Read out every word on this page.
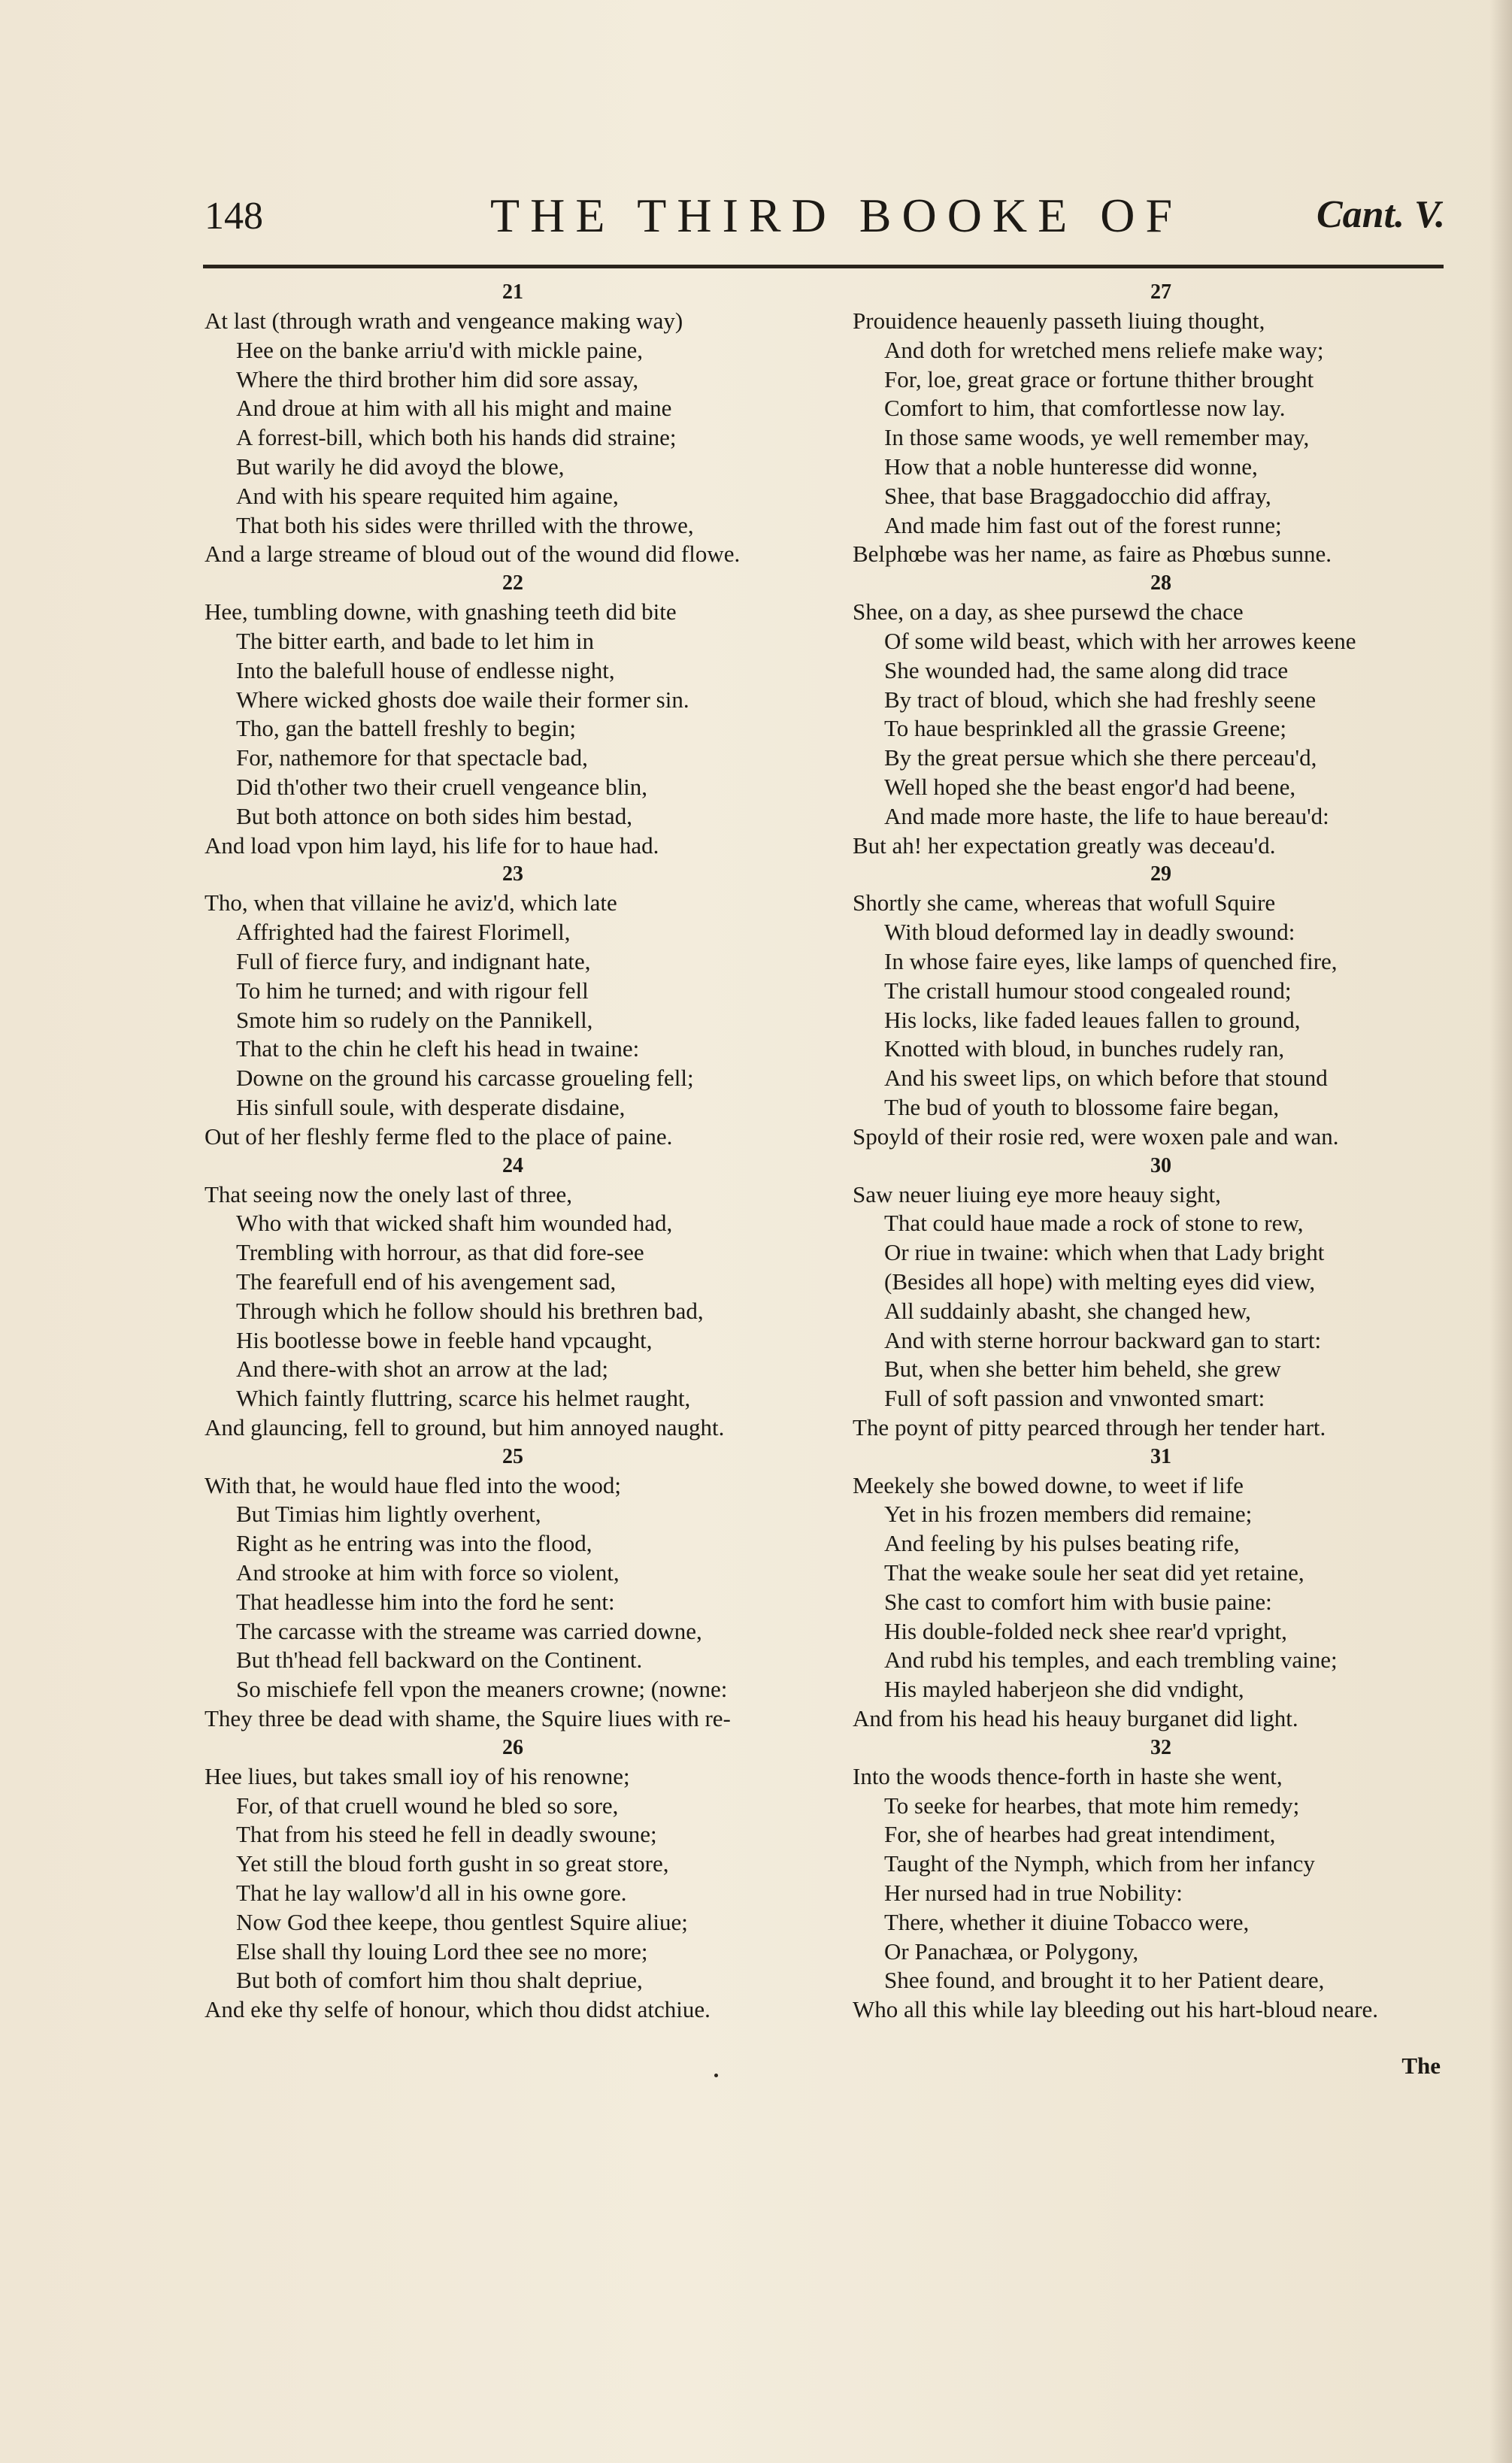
148	THE THIRD BOOKE OF	Cant. V.
21
At last (through wrath and vengeance making way)
Hee on the banke arriu'd with mickle paine,
Where the third brother him did sore assay,
And droue at him with all his might and maine
A forrest-bill, which both his hands did straine;
But warily he did avoyd the blowe,
And with his speare requited him againe,
That both his sides were thrilled with the throwe,
And a large streame of bloud out of the wound did flowe.
22
Hee, tumbling downe, with gnashing teeth did bite
The bitter earth, and bade to let him in
Into the balefull house of endlesse night,
Where wicked ghosts doe waile their former sin.
Tho, gan the battell freshly to begin;
For, nathemore for that spectacle bad,
Did th'other two their cruell vengeance blin,
But both attonce on both sides him bestad,
And load vpon him layd, his life for to haue had.
23
Tho, when that villaine he aviz'd, which late
Affrighted had the fairest Florimell,
Full of fierce fury, and indignant hate,
To him he turned; and with rigour fell
Smote him so rudely on the Pannikell,
That to the chin he cleft his head in twaine:
Downe on the ground his carcasse groueling fell;
His sinfull soule, with desperate disdaine,
Out of her fleshly ferme fled to the place of paine.
24
That seeing now the onely last of three,
Who with that wicked shaft him wounded had,
Trembling with horrour, as that did fore-see
The fearefull end of his avengement sad,
Through which he follow should his brethren bad,
His bootlesse bowe in feeble hand vpcaught,
And there-with shot an arrow at the lad;
Which faintly fluttring, scarce his helmet raught,
And glauncing, fell to ground, but him annoyed naught.
25
With that, he would haue fled into the wood;
But Timias him lightly overhent,
Right as he entring was into the flood,
And strooke at him with force so violent,
That headlesse him into the ford he sent:
The carcasse with the streame was carried downe,
But th'head fell backward on the Continent.
So mischiefe fell vpon the meaners crowne; (nowne:
They three be dead with shame, the Squire liues with re-
26
Hee liues, but takes small ioy of his renowne;
For, of that cruell wound he bled so sore,
That from his steed he fell in deadly swoune;
Yet still the bloud forth gusht in so great store,
That he lay wallow'd all in his owne gore.
Now God thee keepe, thou gentlest Squire aliue;
Else shall thy louing Lord thee see no more;
But both of comfort him thou shalt depriue,
And eke thy selfe of honour, which thou didst atchiue.
27
Prouidence heauenly passeth liuing thought,
And doth for wretched mens reliefe make way;
For, loe, great grace or fortune thither brought
Comfort to him, that comfortlesse now lay.
In those same woods, ye well remember may,
How that a noble hunteresse did wonne,
Shee, that base Braggadocchio did affray,
And made him fast out of the forest runne;
Belphœbe was her name, as faire as Phœbus sunne.
28
Shee, on a day, as shee pursewd the chace
Of some wild beast, which with her arrowes keene
She wounded had, the same along did trace
By tract of bloud, which she had freshly seene
To haue besprinkled all the grassie Greene;
By the great persue which she there perceau'd,
Well hoped she the beast engor'd had beene,
And made more haste, the life to haue bereau'd:
But ah! her expectation greatly was deceau'd.
29
Shortly she came, whereas that wofull Squire
With bloud deformed lay in deadly swound:
In whose faire eyes, like lamps of quenched fire,
The cristall humour stood congealed round;
His locks, like faded leaues fallen to ground,
Knotted with bloud, in bunches rudely ran,
And his sweet lips, on which before that stound
The bud of youth to blossome faire began,
Spoyld of their rosie red, were woxen pale and wan.
30
Saw neuer liuing eye more heauy sight,
That could haue made a rock of stone to rew,
Or riue in twaine: which when that Lady bright
(Besides all hope) with melting eyes did view,
All suddainly abasht, she changed hew,
And with sterne horrour backward gan to start:
But, when she better him beheld, she grew
Full of soft passion and vnwonted smart:
The poynt of pitty pearced through her tender hart.
31
Meekely she bowed downe, to weet if life
Yet in his frozen members did remaine;
And feeling by his pulses beating rife,
That the weake soule her seat did yet retaine,
She cast to comfort him with busie paine:
His double-folded neck shee rear'd vpright,
And rubd his temples, and each trembling vaine;
His mayled haberjeon she did vndight,
And from his head his heauy burganet did light.
32
Into the woods thence-forth in haste she went,
To seeke for hearbes, that mote him remedy;
For, she of hearbes had great intendiment,
Taught of the Nymph, which from her infancy
Her nursed had in true Nobility:
There, whether it diuine Tobacco were,
Or Panachæa, or Polygony,
Shee found, and brought it to her Patient deare,
Who all this while lay bleeding out his hart-bloud neare.
The
